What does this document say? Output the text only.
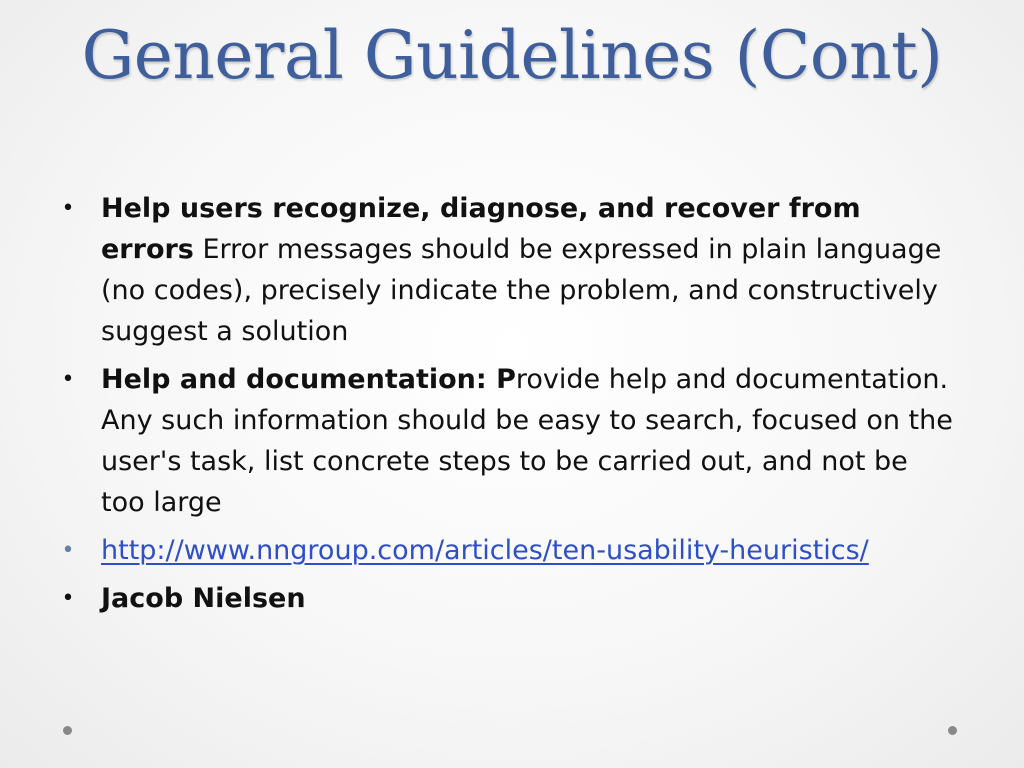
General Guidelines (Cont)
• Help users recognize, diagnose, and recover from errors Error messages should be expressed in plain language (no codes), precisely indicate the problem, and constructively suggest a solution
• Help and documentation: Provide help and documentation. Any such information should be easy to search, focused on the user's task, list concrete steps to be carried out, and not be too large
• http://www.nngroup.com/articles/ten-usability-heuristics/
• Jacob Nielsen
